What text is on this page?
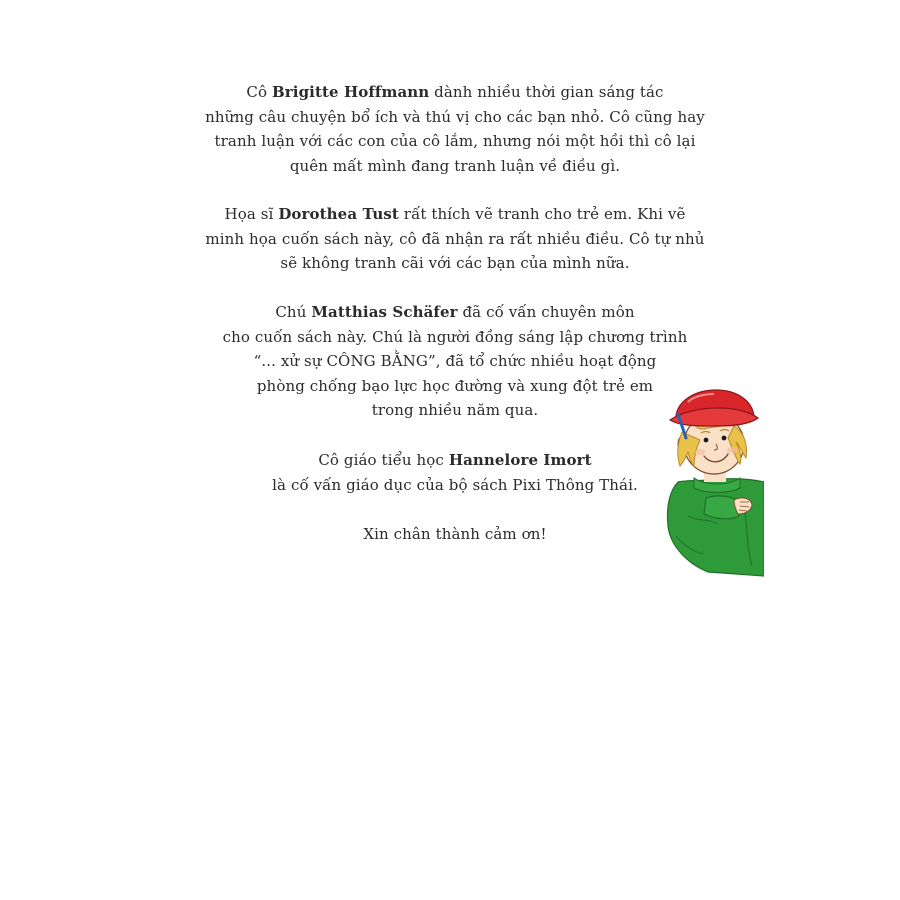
Cô Brigitte Hoffmann dành nhiều thời gian sáng tác
những câu chuyện bổ ích và thú vị cho các bạn nhỏ. Cô cũng hay
tranh luận với các con của cô lắm, nhưng nói một hồi thì cô lại
quên mất mình đang tranh luận về điều gì.

Họa sĩ Dorothea Tust rất thích vẽ tranh cho trẻ em. Khi vẽ
minh họa cuốn sách này, cô đã nhận ra rất nhiều điều. Cô tự nhủ
sẽ không tranh cãi với các bạn của mình nữa.

Chú Matthias Schäfer đã cố vấn chuyên môn
cho cuốn sách này. Chú là người đồng sáng lập chương trình
“... xử sự CÔNG BẰNG”, đã tổ chức nhiều hoạt động
phòng chống bạo lực học đường và xung đột trẻ em
trong nhiều năm qua.

Cô giáo tiểu học Hannelore Imort
là cố vấn giáo dục của bộ sách Pixi Thông Thái.

Xin chân thành cảm ơn!
